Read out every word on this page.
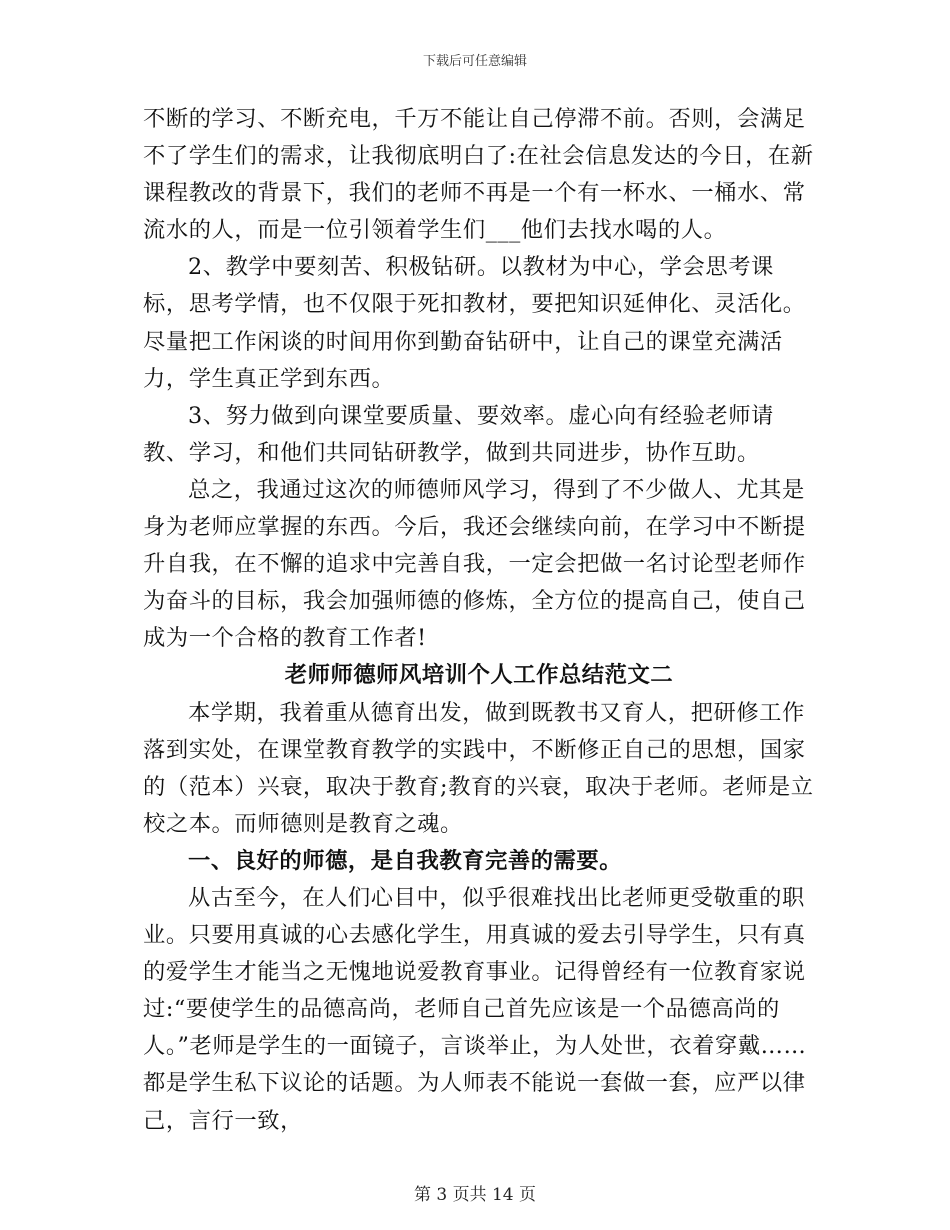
下载后可任意编辑

不断的学习、不断充电，千万不能让自己停滞不前。否则，会满足不了学生们的需求，让我彻底明白了:在社会信息发达的今日，在新课程教改的背景下，我们的老师不再是一个有一杯水、一桶水、常流水的人，而是一位引领着学生们___他们去找水喝的人。

2、教学中要刻苦、积极钻研。以教材为中心，学会思考课标，思考学情，也不仅限于死扣教材，要把知识延伸化、灵活化。尽量把工作闲谈的时间用你到勤奋钻研中，让自己的课堂充满活力，学生真正学到东西。

3、努力做到向课堂要质量、要效率。虚心向有经验老师请教、学习，和他们共同钻研教学，做到共同进步，协作互助。

总之，我通过这次的师德师风学习，得到了不少做人、尤其是身为老师应掌握的东西。今后，我还会继续向前，在学习中不断提升自我，在不懈的追求中完善自我，一定会把做一名讨论型老师作为奋斗的目标，我会加强师德的修炼，全方位的提高自己，使自己成为一个合格的教育工作者!

老师师德师风培训个人工作总结范文二

本学期，我着重从德育出发，做到既教书又育人，把研修工作落到实处，在课堂教育教学的实践中，不断修正自己的思想，国家的（范本）兴衰，取决于教育;教育的兴衰，取决于老师。老师是立校之本。而师德则是教育之魂。

一、良好的师德，是自我教育完善的需要。

从古至今，在人们心目中，似乎很难找出比老师更受敬重的职业。只要用真诚的心去感化学生，用真诚的爱去引导学生，只有真的爱学生才能当之无愧地说爱教育事业。记得曾经有一位教育家说过:“要使学生的品德高尚，老师自己首先应该是一个品德高尚的人。”老师是学生的一面镜子，言谈举止，为人处世，衣着穿戴……都是学生私下议论的话题。为人师表不能说一套做一套，应严以律己，言行一致，

第 3 页共 14 页
